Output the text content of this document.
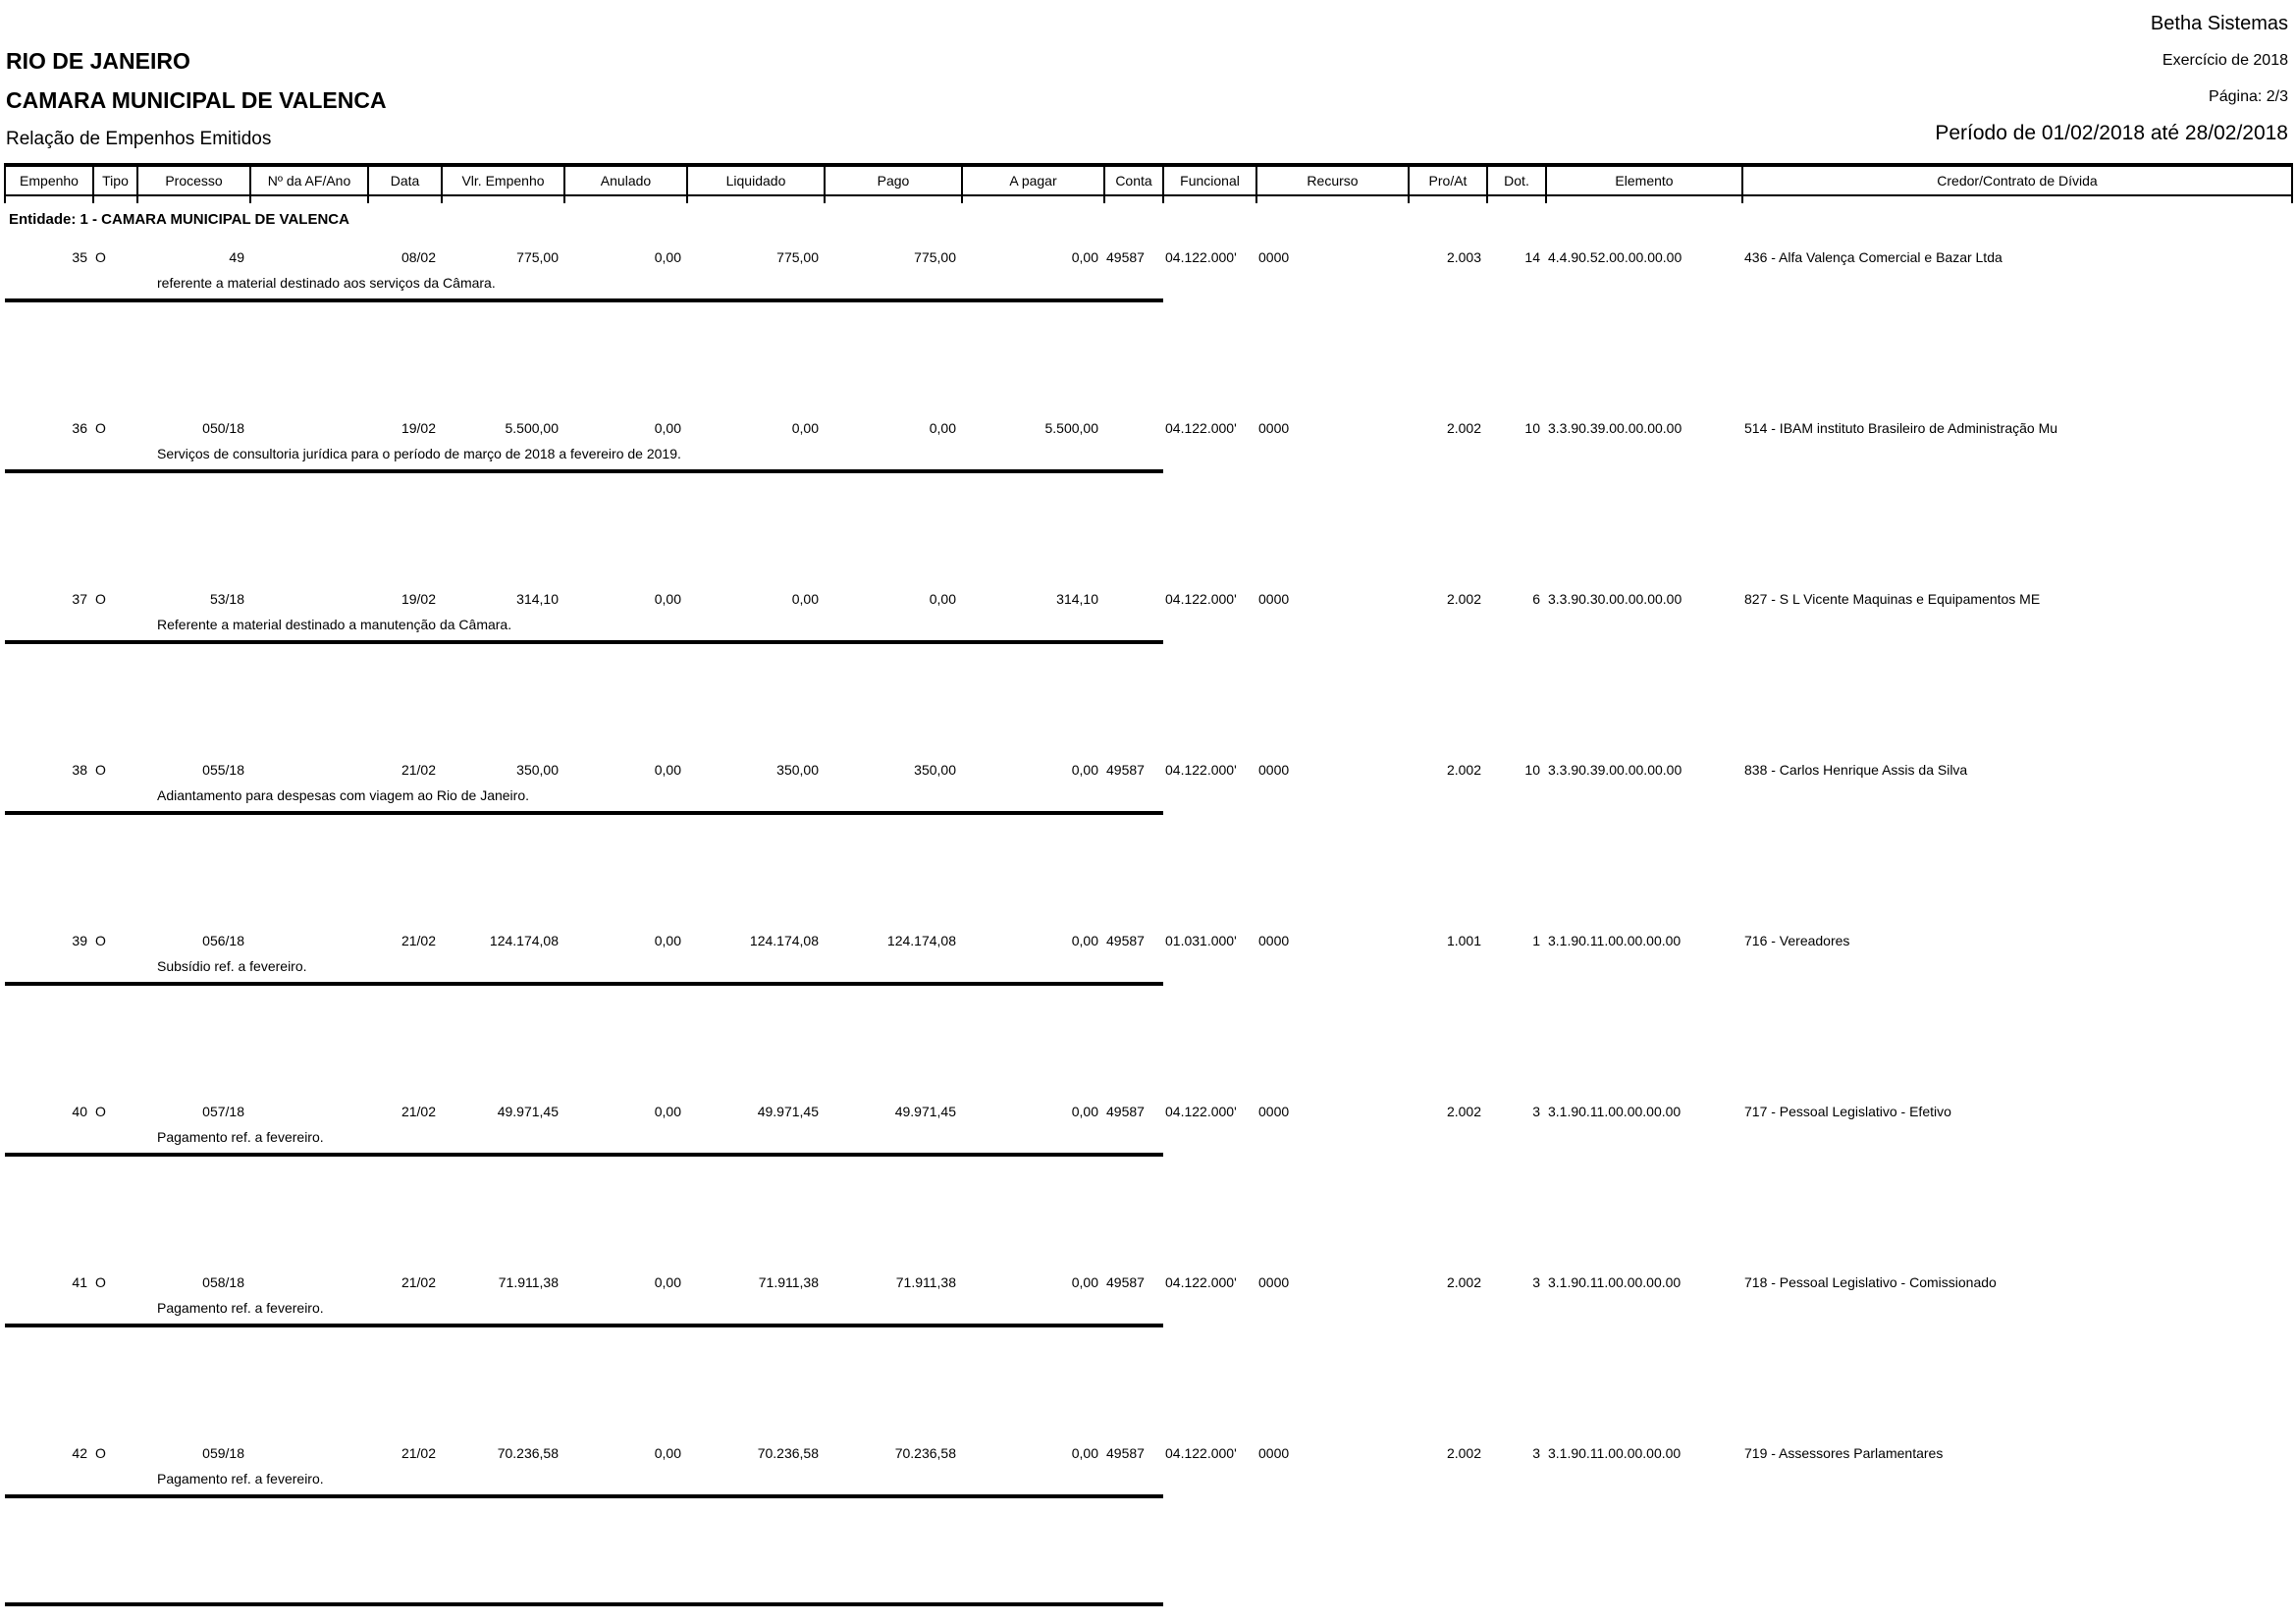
RIO DE JANEIRO
CAMARA MUNICIPAL DE VALENCA
Relação de Empenhos Emitidos
Betha Sistemas
Exercício de 2018
Página: 2/3
Período de 01/02/2018 até 28/02/2018
Empenho	Tipo	Processo	Nº da AF/Ano	Data	Vlr. Empenho	Anulado	Liquidado	Pago	A pagar	Conta	Funcional	Recurso	Pro/At	Dot.	Elemento	Credor/Contrato de Dívida

Entidade: 1 - CAMARA MUNICIPAL DE VALENCA																
35	O	49		08/02	775,00	0,00	775,00	775,00	0,00	49587	04.122.000'	0000	2.003	14	4.4.90.52.00.00.00.00	436 - Alfa Valença Comercial e Bazar Ltda

		referente a material destinado aos serviços da Câmara.														

36	O	050/18		19/02	5.500,00	0,00	0,00	0,00	5.500,00		04.122.000'	0000	2.002	10	3.3.90.39.00.00.00.00	514 - IBAM instituto Brasileiro de Administração Mu

		Serviços de consultoria jurídica para o período de março de 2018 a fevereiro de 2019.														

37	O	53/18		19/02	314,10	0,00	0,00	0,00	314,10		04.122.000'	0000	2.002	6	3.3.90.30.00.00.00.00	827 - S L Vicente Maquinas e Equipamentos ME

		Referente a material destinado a manutenção da Câmara.														

38	O	055/18		21/02	350,00	0,00	350,00	350,00	0,00	49587	04.122.000'	0000	2.002	10	3.3.90.39.00.00.00.00	838 - Carlos Henrique Assis da Silva

		Adiantamento para despesas com viagem ao Rio de Janeiro.														

39	O	056/18		21/02	124.174,08	0,00	124.174,08	124.174,08	0,00	49587	01.031.000'	0000	1.001	1	3.1.90.11.00.00.00.00	716 - Vereadores

		Subsídio ref. a fevereiro.														

40	O	057/18		21/02	49.971,45	0,00	49.971,45	49.971,45	0,00	49587	04.122.000'	0000	2.002	3	3.1.90.11.00.00.00.00	717 - Pessoal Legislativo - Efetivo

		Pagamento ref. a fevereiro.														

41	O	058/18		21/02	71.911,38	0,00	71.911,38	71.911,38	0,00	49587	04.122.000'	0000	2.002	3	3.1.90.11.00.00.00.00	718 - Pessoal Legislativo - Comissionado

		Pagamento ref. a fevereiro.														

42	O	059/18		21/02	70.236,58	0,00	70.236,58	70.236,58	0,00	49587	04.122.000'	0000	2.002	3	3.1.90.11.00.00.00.00	719 - Assessores Parlamentares

		Pagamento ref. a fevereiro.														
